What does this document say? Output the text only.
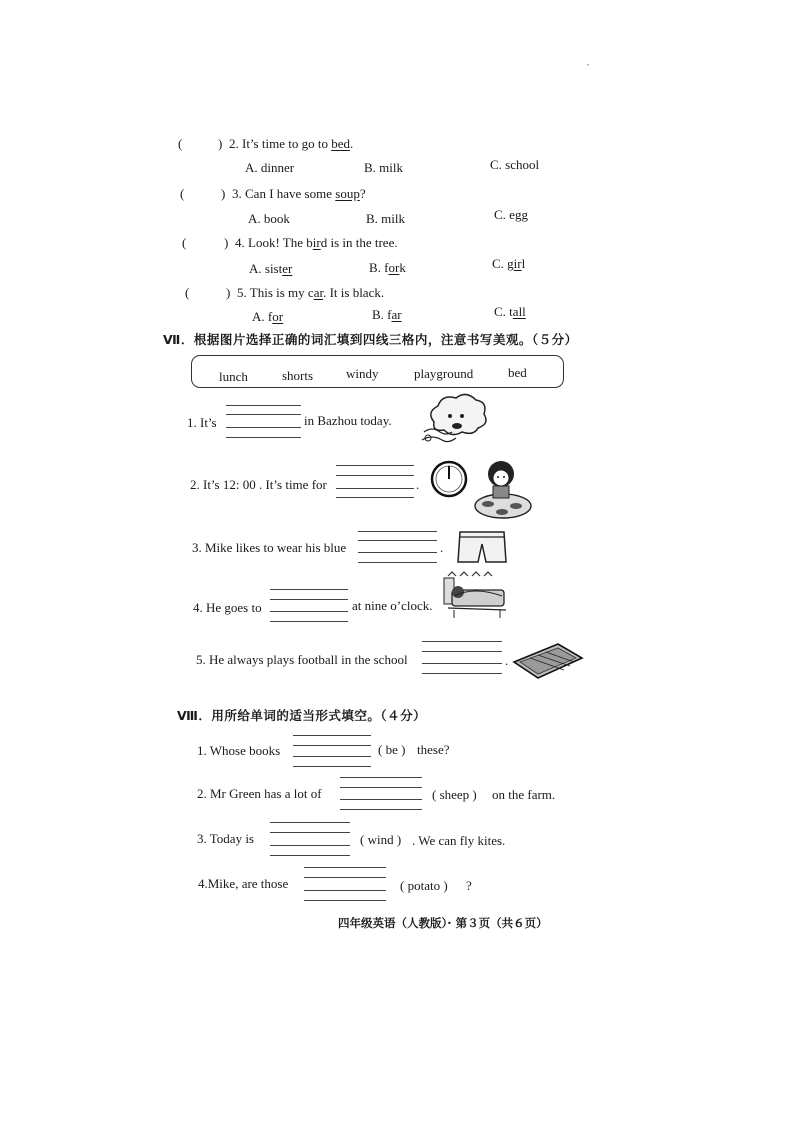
·
(	) 2. It’s time to go to bed.
A. dinner	B. milk	C. school
(	) 3. Can I have some soup?
A. book	B. milk	C. egg
(	) 4. Look! The bird is in the tree.
A. sister	B. fork	C. girl
(	) 5. This is my car. It is black.
A. for	B. far	C. tall
Ⅶ．根据图片选择正确的词汇填到四线三格内，注意书写美观。（５分）
lunch	shorts	windy	playground	bed
1. It’s	in Bazhou today.
2. It’s 12: 00 . It’s time for	.
3. Mike likes to wear his blue	.
4. He goes to	at nine o’clock.
5. He always plays football in the school	.
Ⅷ．用所给单词的适当形式填空。（４分）
1. Whose books	( be ) these?
2. Mr Green has a lot of	( sheep ) on the farm.
3. Today is	( wind ) . We can fly kites.
4.Mike, are those	( potato ) ?
四年级英语（人教版）· 第３页（共６页）
